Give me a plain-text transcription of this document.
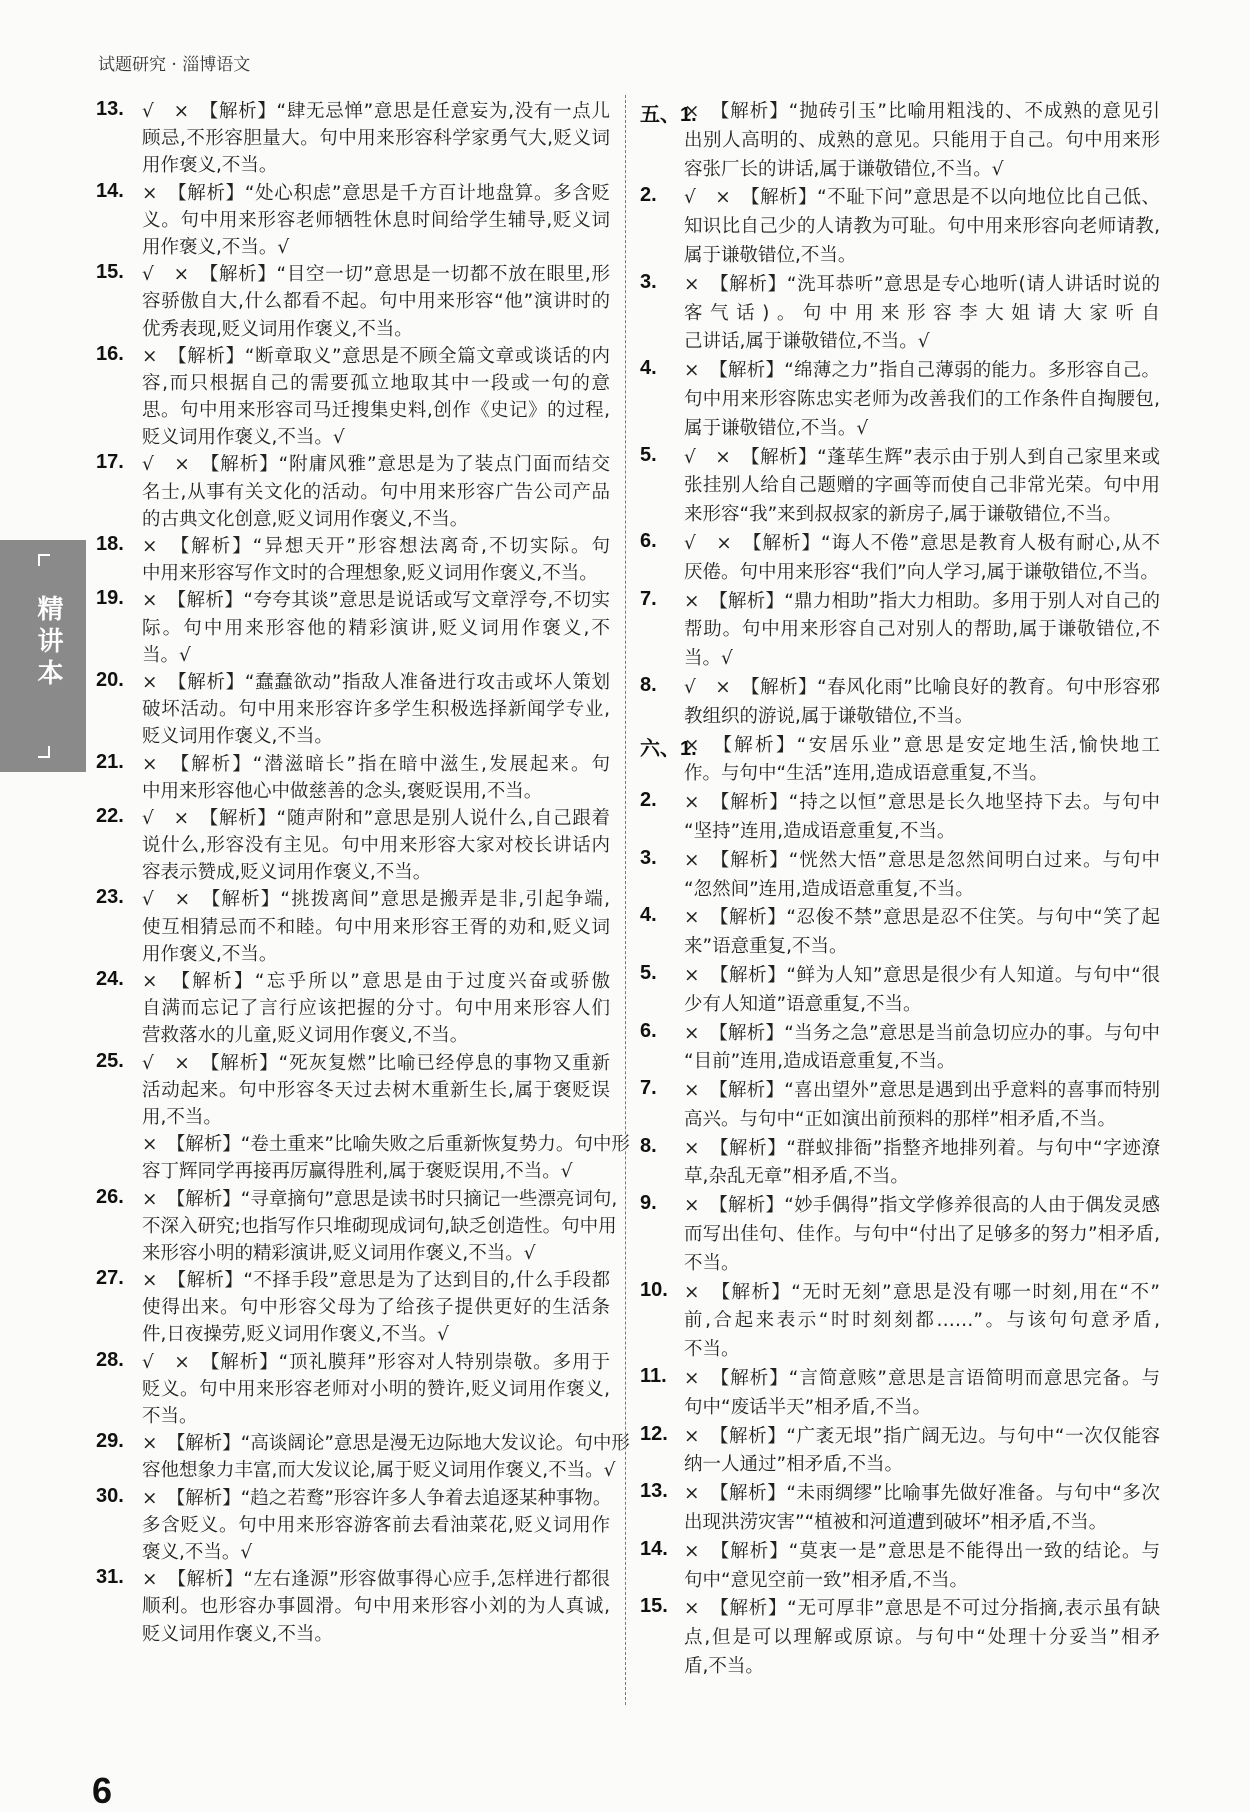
试题研究 · 淄博语文
13. √　×　【解析】“肆无忌惮”意思是任意妄为,没有一点儿
顾忌,不形容胆量大。句中用来形容科学家勇气大,贬义词
用作褒义,不当。
14. ×　【解析】“处心积虑”意思是千方百计地盘算。多含贬
义。句中用来形容老师牺牲休息时间给学生辅导,贬义词
用作褒义,不当。√
15. √　×　【解析】“目空一切”意思是一切都不放在眼里,形
容骄傲自大,什么都看不起。句中用来形容“他”演讲时的
优秀表现,贬义词用作褒义,不当。
16. ×　【解析】“断章取义”意思是不顾全篇文章或谈话的内
容,而只根据自己的需要孤立地取其中一段或一句的意
思。句中用来形容司马迁搜集史料,创作《史记》的过程,
贬义词用作褒义,不当。√
17. √　×　【解析】“附庸风雅”意思是为了装点门面而结交
名士,从事有关文化的活动。句中用来形容广告公司产品
的古典文化创意,贬义词用作褒义,不当。
18. ×　【解析】“异想天开”形容想法离奇,不切实际。句
中用来形容写作文时的合理想象,贬义词用作褒义,不当。
19. ×　【解析】“夸夸其谈”意思是说话或写文章浮夸,不切实
际。句中用来形容他的精彩演讲,贬义词用作褒义,不
当。√
20. ×　【解析】“蠢蠢欲动”指敌人准备进行攻击或坏人策划
破坏活动。句中用来形容许多学生积极选择新闻学专业,
贬义词用作褒义,不当。
21. ×　【解析】“潜滋暗长”指在暗中滋生,发展起来。句
中用来形容他心中做慈善的念头,褒贬误用,不当。
22. √　×　【解析】“随声附和”意思是别人说什么,自己跟着
说什么,形容没有主见。句中用来形容大家对校长讲话内
容表示赞成,贬义词用作褒义,不当。
23. √　×　【解析】“挑拨离间”意思是搬弄是非,引起争端,
使互相猜忌而不和睦。句中用来形容王胥的劝和,贬义词
用作褒义,不当。
24. ×　【解析】“忘乎所以”意思是由于过度兴奋或骄傲
自满而忘记了言行应该把握的分寸。句中用来形容人们
营救落水的儿童,贬义词用作褒义,不当。
25. √　×　【解析】“死灰复燃”比喻已经停息的事物又重新
活动起来。句中形容冬天过去树木重新生长,属于褒贬误
用,不当。
×　【解析】“卷土重来”比喻失败之后重新恢复势力。句中形
容丁辉同学再接再厉赢得胜利,属于褒贬误用,不当。√
26. ×　【解析】“寻章摘句”意思是读书时只摘记一些漂亮词句,
不深入研究;也指写作只堆砌现成词句,缺乏创造性。句中用
来形容小明的精彩演讲,贬义词用作褒义,不当。√
27. ×　【解析】“不择手段”意思是为了达到目的,什么手段都
使得出来。句中形容父母为了给孩子提供更好的生活条
件,日夜操劳,贬义词用作褒义,不当。√
28. √　×　【解析】“顶礼膜拜”形容对人特别崇敬。多用于
贬义。句中用来形容老师对小明的赞许,贬义词用作褒义,
不当。
29. ×　【解析】“高谈阔论”意思是漫无边际地大发议论。句中形
容他想象力丰富,而大发议论,属于贬义词用作褒义,不当。√
30. ×　【解析】“趋之若鹜”形容许多人争着去追逐某种事物。
多含贬义。句中用来形容游客前去看油菜花,贬义词用作
褒义,不当。√
31. ×　【解析】“左右逢源”形容做事得心应手,怎样进行都很
顺利。也形容办事圆滑。句中用来形容小刘的为人真诚,
贬义词用作褒义,不当。
五、1.
×　【解析】“抛砖引玉”比喻用粗浅的、不成熟的意见引
出别人高明的、成熟的意见。只能用于自己。句中用来形
容张厂长的讲话,属于谦敬错位,不当。√
2. √　×　【解析】“不耻下问”意思是不以向地位比自己低、
知识比自己少的人请教为可耻。句中用来形容向老师请教,
属于谦敬错位,不当。
3. ×　【解析】“洗耳恭听”意思是专心地听(请人讲话时说的
客气话)。句中用来形容李大姐请大家听自
己讲话,属于谦敬错位,不当。√
4. ×　【解析】“绵薄之力”指自己薄弱的能力。多形容自己。
句中用来形容陈忠实老师为改善我们的工作条件自掏腰包,
属于谦敬错位,不当。√
5. √　×　【解析】“蓬荜生辉”表示由于别人到自己家里来或
张挂别人给自己题赠的字画等而使自己非常光荣。句中用
来形容“我”来到叔叔家的新房子,属于谦敬错位,不当。
6. √　×　【解析】“诲人不倦”意思是教育人极有耐心,从不
厌倦。句中用来形容“我们”向人学习,属于谦敬错位,不当。
7. ×　【解析】“鼎力相助”指大力相助。多用于别人对自己的
帮助。句中用来形容自己对别人的帮助,属于谦敬错位,不
当。√
8. √　×　【解析】“春风化雨”比喻良好的教育。句中形容邪
教组织的游说,属于谦敬错位,不当。
六、1.
×　【解析】“安居乐业”意思是安定地生活,愉快地工
作。与句中“生活”连用,造成语意重复,不当。
2. ×　【解析】“持之以恒”意思是长久地坚持下去。与句中
“坚持”连用,造成语意重复,不当。
3. ×　【解析】“恍然大悟”意思是忽然间明白过来。与句中
“忽然间”连用,造成语意重复,不当。
4. ×　【解析】“忍俊不禁”意思是忍不住笑。与句中“笑了起
来”语意重复,不当。
5. ×　【解析】“鲜为人知”意思是很少有人知道。与句中“很
少有人知道”语意重复,不当。
6. ×　【解析】“当务之急”意思是当前急切应办的事。与句中
“目前”连用,造成语意重复,不当。
7. ×　【解析】“喜出望外”意思是遇到出乎意料的喜事而特别
高兴。与句中“正如演出前预料的那样”相矛盾,不当。
8. ×　【解析】“群蚁排衙”指整齐地排列着。与句中“字迹潦
草,杂乱无章”相矛盾,不当。
9. ×　【解析】“妙手偶得”指文学修养很高的人由于偶发灵感
而写出佳句、佳作。与句中“付出了足够多的努力”相矛盾,
不当。
10. ×　【解析】“无时无刻”意思是没有哪一时刻,用在“不”
前,合起来表示“时时刻刻都……”。与该句句意矛盾,
不当。
11. ×　【解析】“言简意赅”意思是言语简明而意思完备。与
句中“废话半天”相矛盾,不当。
12. ×　【解析】“广袤无垠”指广阔无边。与句中“一次仅能容
纳一人通过”相矛盾,不当。
13. ×　【解析】“未雨绸缪”比喻事先做好准备。与句中“多次
出现洪涝灾害”“植被和河道遭到破坏”相矛盾,不当。
14. ×　【解析】“莫衷一是”意思是不能得出一致的结论。与
句中“意见空前一致”相矛盾,不当。
15. ×　【解析】“无可厚非”意思是不可过分指摘,表示虽有缺
点,但是可以理解或原谅。与句中“处理十分妥当”相矛
盾,不当。
精讲本
6
